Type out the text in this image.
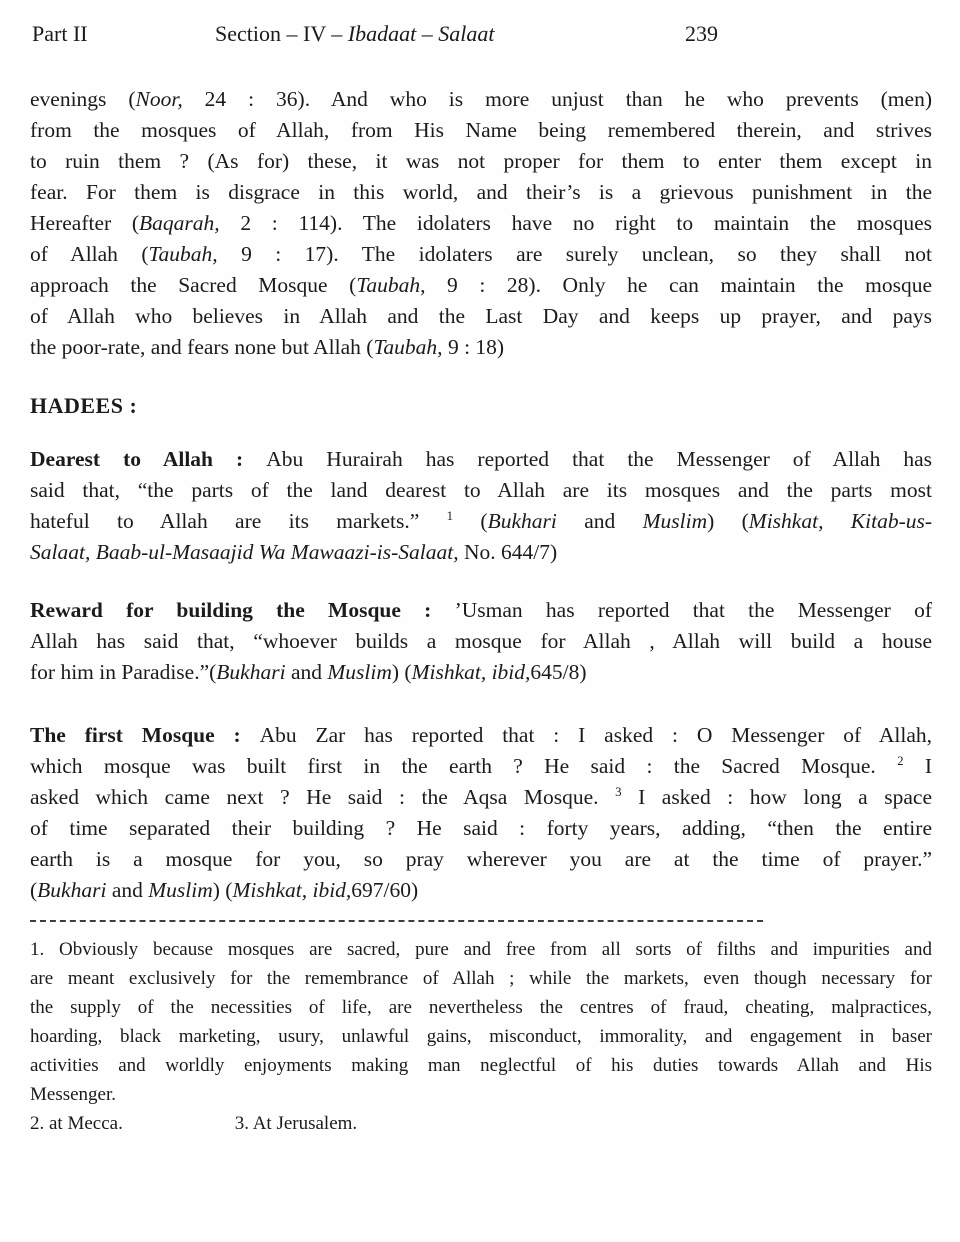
Part II	Section – IV – Ibadaat – Salaat	239
evenings (Noor, 24 : 36). And who is more unjust than he who prevents (men)
from the mosques of Allah, from His Name being remembered therein, and strives
to ruin them ? (As for) these, it was not proper for them to enter them except in
fear. For them is disgrace in this world, and their’s is a grievous punishment in the
Hereafter (Baqarah, 2 : 114). The idolaters have no right to maintain the mosques
of Allah (Taubah, 9 : 17). The idolaters are surely unclean, so they shall not
approach the Sacred Mosque (Taubah, 9 : 28). Only he can maintain the mosque
of Allah who believes in Allah and the Last Day and keeps up prayer, and pays
the poor-rate, and fears none but Allah (Taubah, 9 : 18)
HADEES :
Dearest to Allah : Abu Hurairah has reported that the Messenger of Allah has
said that, “the parts of the land dearest to Allah are its mosques and the parts most
hateful to Allah are its markets.” $^1$ (Bukhari and Muslim) (Mishkat, Kitab-us-
Salaat, Baab-ul-Masaajid Wa Mawaazi-is-Salaat, No. 644/7)
Reward for building the Mosque : ’Usman has reported that the Messenger of
Allah has said that, “whoever builds a mosque for Allah , Allah will build a house
for him in Paradise.”(Bukhari and Muslim) (Mishkat, ibid,645/8)
The first Mosque : Abu Zar has reported that : I asked : O Messenger of Allah,
which mosque was built first in the earth ? He said : the Sacred Mosque. $^2$ I
asked which came next ? He said : the Aqsa Mosque. $^3$ I asked : how long a space
of time separated their building ? He said : forty years, adding, “then the entire
earth is a mosque for you, so pray wherever you are at the time of prayer.”
(Bukhari and Muslim) (Mishkat, ibid,697/60)
1. Obviously because mosques are sacred, pure and free from all sorts of filths and impurities and
are meant exclusively for the remembrance of Allah ; while the markets, even though necessary for
the supply of the necessities of life, are nevertheless the centres of fraud, cheating, malpractices,
hoarding, black marketing, usury, unlawful gains, misconduct, immorality, and engagement in baser
activities and worldly enjoyments making man neglectful of his duties towards Allah and His
Messenger.
2. at Mecca.	3. At Jerusalem.
